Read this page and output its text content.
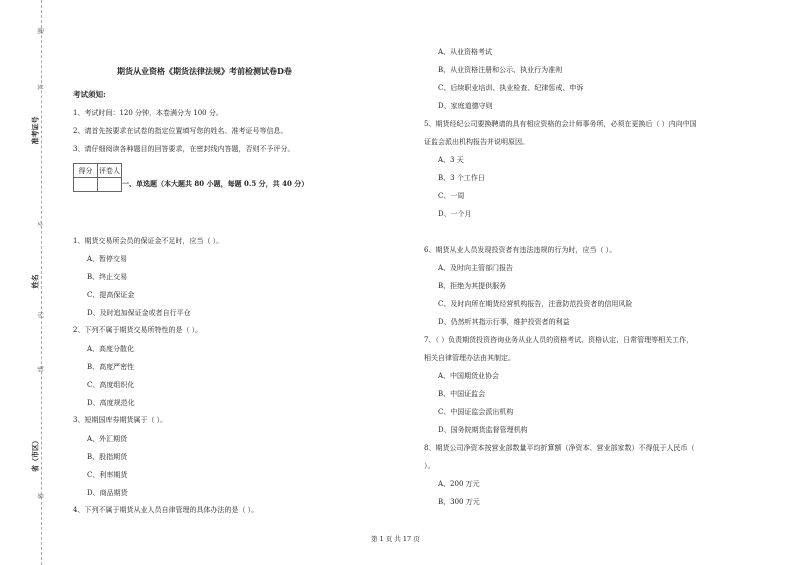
题
答
准考证号
不
姓名
内
线
省（市区）
密
期货从业资格《期货法律法规》考前检测试卷D卷
考试须知:
1、考试时间：120 分钟，本卷满分为 100 分。
2、请首先按要求在试卷的指定位置填写您的姓名、准考证号等信息。
3、请仔细阅读各种题目的回答要求，在密封线内答题，否则不予评分。
得分	评卷人

一、单选题（本大题共 80 小题，每题 0.5 分，共 40 分）
1、期货交易所会员的保证金不足时，应当（ ）。
A、暂停交易
B、终止交易
C、提高保证金
D、及时追加保证金或者自行平仓
2、下列不属于期货交易所特性的是（ ）。
A、高度分散化
B、高度严密性
C、高度组织化
D、高度规范化
3、短期国库券期货属于（ ）。
A、外汇期货
B、股指期货
C、利率期货
D、商品期货
4、下列不属于期货从业人员自律管理的具体办法的是（ ）。
A、从业资格考试
B、从业资格注册和公示、执业行为准则
C、后续职业培训、执业检查、纪律惩戒、申诉
D、家庭道德守则
5、期货经纪公司要换聘请的具有相应资格的会计师事务所，必须在更换后（ ）内向中国
证监会派出机构报告并说明原因。
A、3 天
B、3 个工作日
C、一周
D、一个月
6、期货从业人员发现投资者有违法违规的行为时，应当（ ）。
A、及时向主管部门报告
B、拒绝为其提供服务
C、及时向所在期货经营机构报告，注意防范投资者的信用风险
D、仍然听其指示行事，维护投资者的利益
7、（ ）负责期货投资咨询业务从业人员的资格考试、资格认定、日常管理等相关工作，
相关自律管理办法由其制定。
A、中国期货业协会
B、中国证监会
C、中国证监会派出机构
D、国务院期货监督管理机构
8、期货公司净资本按营业部数量平均折算额（净资本、营业部家数）不得低于人民币（
）。
A、200 万元
B、300 万元
第 1 页 共 17 页
